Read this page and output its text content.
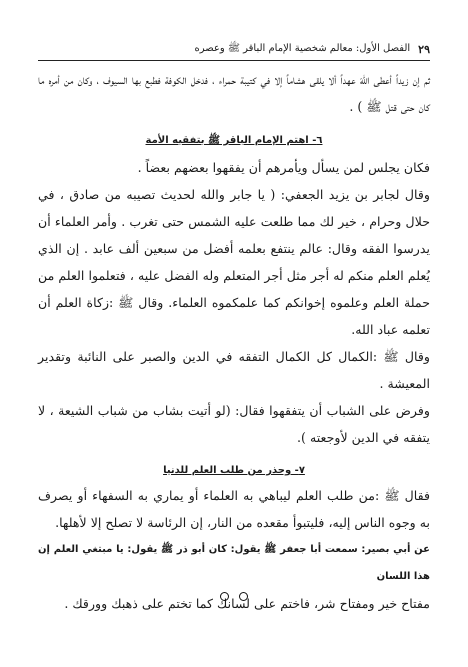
٢٩
الفصل الأول: معالم شخصية الإمام الباقر ﷺ وعصره

ثم إن زيداً أعطى اللهَ عهداً ألا يلقى هشاماً إلا في كتيبة حمراء ، فدخل الكوفة فطبع بها السيوف ، وكان من أمره ما كان حتى قتل ﷺ ) .

٦- اهتم الإمام الباقر ﷺ بتفقيه الأمة

فكان يجلس لمن يسأل ويأمرهم أن يفقهوا بعضهم بعضاً .

وقال لجابر بن يزيد الجعفي: ( يا جابر والله لحديث تصيبه من صادق ، في حلال وحرام ، خير لك مما طلعت عليه الشمس حتى تغرب . وأمر العلماء أن يدرسوا الفقه وقال: عالم ينتفع بعلمه أفضل من سبعين ألف عابد . إن الذي يُعلم العلم منكم له أجر مثل أجر المتعلم وله الفضل عليه ، فتعلموا العلم من حملة العلم وعلموه إخوانكم كما علمكموه العلماء. وقال ﷺ :زكاة العلم أن تعلمه عباد الله.

وقال ﷺ :الكمال كل الكمال التفقه في الدين والصبر على النائبة وتقدير المعيشة .

وفرض على الشباب أن يتفقهوا فقال: (لو أتيت بشاب من شباب الشيعة ، لا يتفقه في الدين لأوجعته ).

٧- وحذر من طلب العلم للدنيا

فقال ﷺ :من طلب العلم ليباهي به العلماء أو يماري به السفهاء أو يصرف به وجوه الناس إليه، فليتبوأ مقعده من النار، إن الرئاسة لا تصلح إلا لأهلها.

عن أبي بصير: سمعت أبا جعفر ﷺ يقول: كان أبو ذر ﷺ يقول: يا مبتغي العلم إن هذا اللسان

مفتاح خير ومفتاح شر، فاختم على لسانك كما تختم على ذهبك وورقك .
